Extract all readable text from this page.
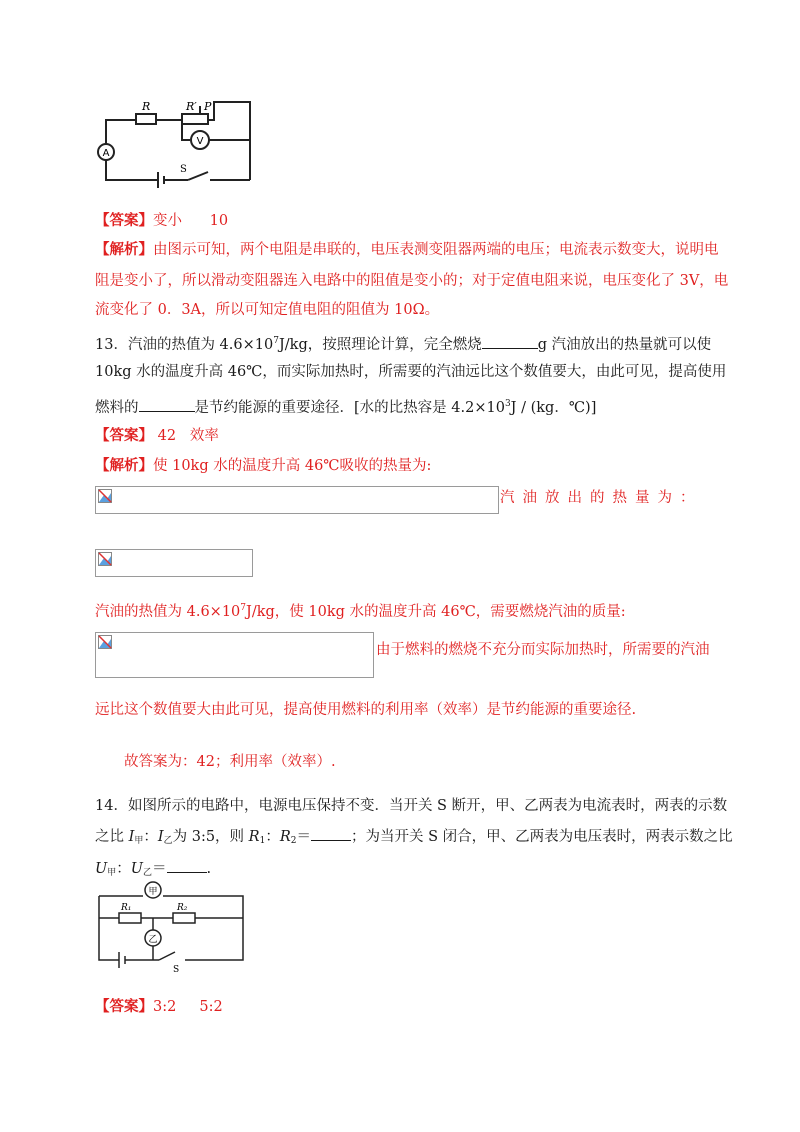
A
V
R	R′ P
S
【答案】变小      10
【解析】由图示可知，两个电阻是串联的，电压表测变阻器两端的电压；电流表示数变大，说明电
阻是变小了，所以滑动变阻器连入电路中的阻值是变小的；对于定值电阻来说，电压变化了 3V，电
流变化了 0．3A，所以可知定值电阻的阻值为 10Ω。
13．汽油的热值为 $4.6\times 10^7J/kg$，按照理论计算，完全燃烧	g 汽油放出的热量就可以使
10kg 水的温度升高 46℃，而实际加热时，所需要的汽油远比这个数值要大，由此可见，提高使用
燃料的	是节约能源的重要途径．[水的比热容是 $4.2\times 10^3J / (kg$．℃)]
【答案】 42   效率
【解析】使 10kg 水的温度升高 46℃吸收的热量为:
汽油放出的热量为：
汽油的热值为 $4.6\times 10^7J/kg$，使 10kg 水的温度升高 46℃，需要燃烧汽油的质量:
由于燃料的燃烧不充分而实际加热时，所需要的汽油
远比这个数值要大由此可见，提高使用燃料的利用率（效率）是节约能源的重要途径.
故答案为：42；利用率（效率）.
14．如图所示的电路中，电源电压保持不变．当开关 S 断开，甲、乙两表为电流表时，两表的示数
之比 $I_甲$：$I_乙$为 3:5，则 $R_1$：$R_2=$	；为当开关 S 闭合，甲、乙两表为电压表时，两表示数之比
$U_甲$：$U_乙=$	.
甲
乙
R₁	R₂
S
【答案】3:2     5:2
